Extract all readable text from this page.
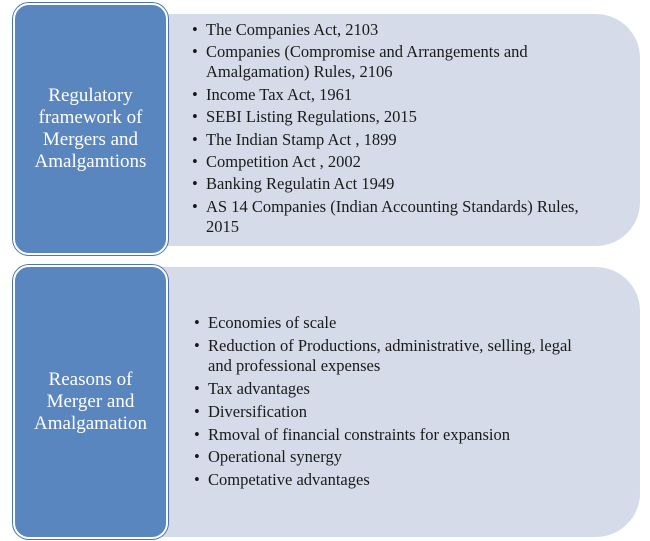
Regulatory
framework of
Mergers and
Amalgamtions
• The Companies Act, 2103
• Companies (Compromise and Arrangements and Amalgamation) Rules, 2106
• Income Tax Act, 1961
• SEBI Listing Regulations, 2015
• The Indian Stamp Act , 1899
• Competition Act , 2002
• Banking Regulatin Act 1949
• AS 14 Companies (Indian Accounting Standards) Rules, 2015
Reasons of
Merger and
Amalgamation
• Economies of scale
• Reduction of Productions, administrative, selling, legal and professional expenses
• Tax advantages
• Diversification
• Rmoval of financial constraints for expansion
• Operational synergy
• Competative advantages
